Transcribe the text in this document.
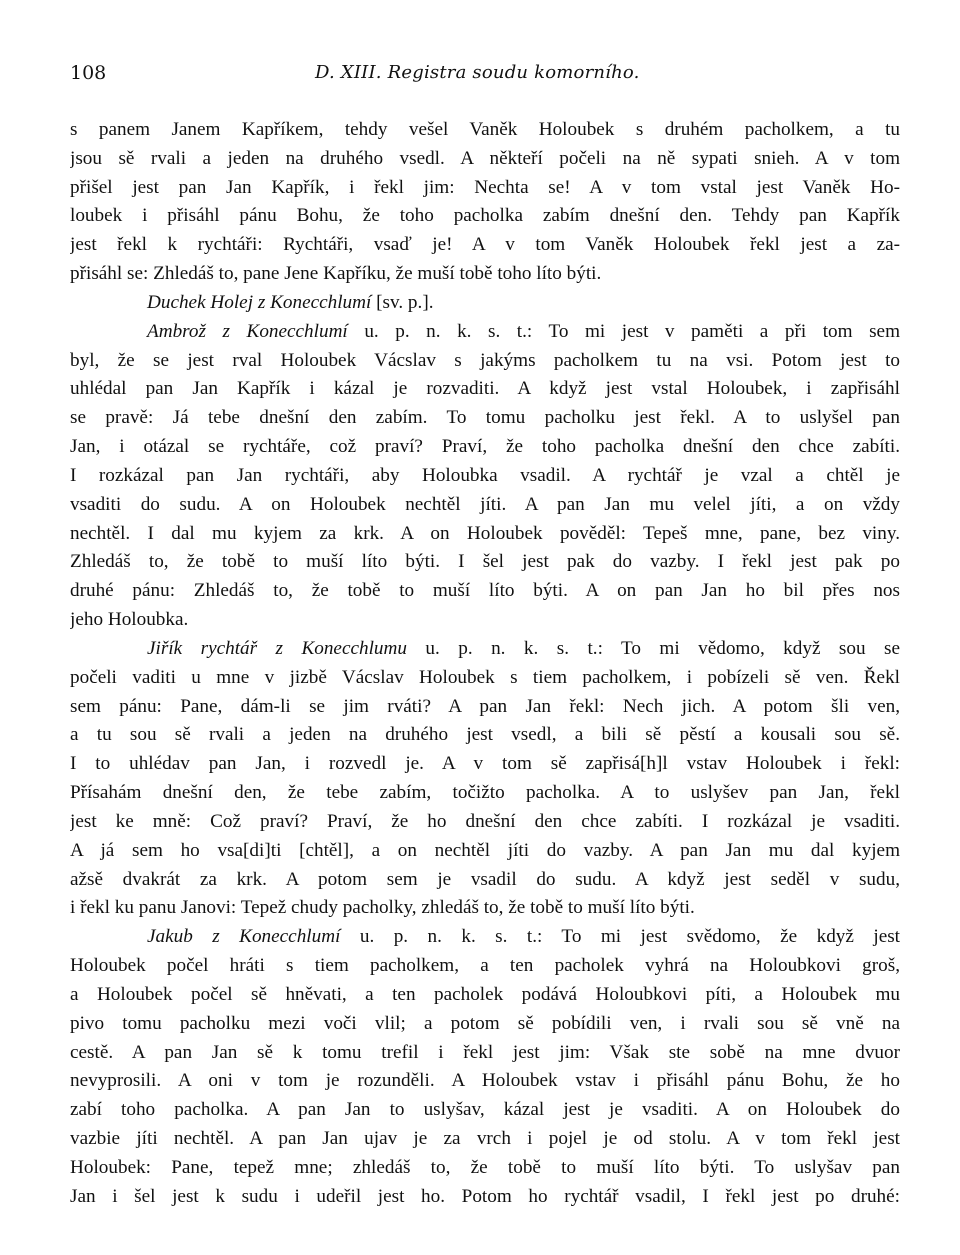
108	D. XIII. Registra soudu komorního.
s panem Janem Kapříkem, tehdy vešel Vaněk Holoubek s druhém pacholkem, a tu
jsou sě rvali a jeden na druhého vsedl. A někteří počeli na ně sypati snieh. A v tom
přišel jest pan Jan Kapřík, i řekl jim: Nechta se! A v tom vstal jest Vaněk Ho-
loubek i přisáhl pánu Bohu, že toho pacholka zabím dnešní den. Tehdy pan Kapřík
jest řekl k rychtáři: Rychtáři, vsaď je! A v tom Vaněk Holoubek řekl jest a za-
přisáhl se: Zhledáš to, pane Jene Kapříku, že muší tobě toho líto býti.
Duchek Holej z Konecchlumí [sv. p.].
Ambrož z Konecchlumí u. p. n. k. s. t.: To mi jest v paměti a při tom sem
byl, že se jest rval Holoubek Vácslav s jakýms pacholkem tu na vsi. Potom jest to
uhlédal pan Jan Kapřík i kázal je rozvaditi. A když jest vstal Holoubek, i zapřisáhl
se pravě: Já tebe dnešní den zabím. To tomu pacholku jest řekl. A to uslyšel pan
Jan, i otázal se rychtáře, což praví? Praví, že toho pacholka dnešní den chce zabíti.
I rozkázal pan Jan rychtáři, aby Holoubka vsadil. A rychtář je vzal a chtěl je
vsaditi do sudu. A on Holoubek nechtěl jíti. A pan Jan mu velel jíti, a on vždy
nechtěl. I dal mu kyjem za krk. A on Holoubek pověděl: Tepeš mne, pane, bez viny.
Zhledáš to, že tobě to muší líto býti. I šel jest pak do vazby. I řekl jest pak po
druhé pánu: Zhledáš to, že tobě to muší líto býti. A on pan Jan ho bil přes nos
jeho Holoubka.
Jiřík rychtář z Konecchlumu u. p. n. k. s. t.: To mi vědomo, když sou se
počeli vaditi u mne v jizbě Vácslav Holoubek s tiem pacholkem, i pobízeli sě ven. Řekl
sem pánu: Pane, dám-li se jim rváti? A pan Jan řekl: Nech jich. A potom šli ven,
a tu sou sě rvali a jeden na druhého jest vsedl, a bili sě pěstí a kousali sou sě.
I to uhlédav pan Jan, i rozvedl je. A v tom sě zapřisá[h]l vstav Holoubek i řekl:
Přísahám dnešní den, že tebe zabím, točižto pacholka. A to uslyšev pan Jan, řekl
jest ke mně: Což praví? Praví, že ho dnešní den chce zabíti. I rozkázal je vsaditi.
A já sem ho vsa[di]ti [chtěl], a on nechtěl jíti do vazby. A pan Jan mu dal kyjem
ažsě dvakrát za krk. A potom sem je vsadil do sudu. A když jest seděl v sudu,
i řekl ku panu Janovi: Tepež chudy pacholky, zhledáš to, že tobě to muší líto býti.
Jakub z Konecchlumí u. p. n. k. s. t.: To mi jest svědomo, že když jest
Holoubek počel hráti s tiem pacholkem, a ten pacholek vyhrá na Holoubkovi groš,
a Holoubek počel sě hněvati, a ten pacholek podává Holoubkovi píti, a Holoubek mu
pivo tomu pacholku mezi voči vlil; a potom sě pobídili ven, i rvali sou sě vně na
cestě. A pan Jan sě k tomu trefil i řekl jest jim: Však ste sobě na mne dvuor
nevyprosili. A oni v tom je rozunděli. A Holoubek vstav i přisáhl pánu Bohu, že ho
zabí toho pacholka. A pan Jan to uslyšav, kázal jest je vsaditi. A on Holoubek do
vazbie jíti nechtěl. A pan Jan ujav je za vrch i pojel je od stolu. A v tom řekl jest
Holoubek: Pane, tepež mne; zhledáš to, že tobě to muší líto býti. To uslyšav pan
Jan i šel jest k sudu i udeřil jest ho. Potom ho rychtář vsadil, I řekl jest po druhé:
